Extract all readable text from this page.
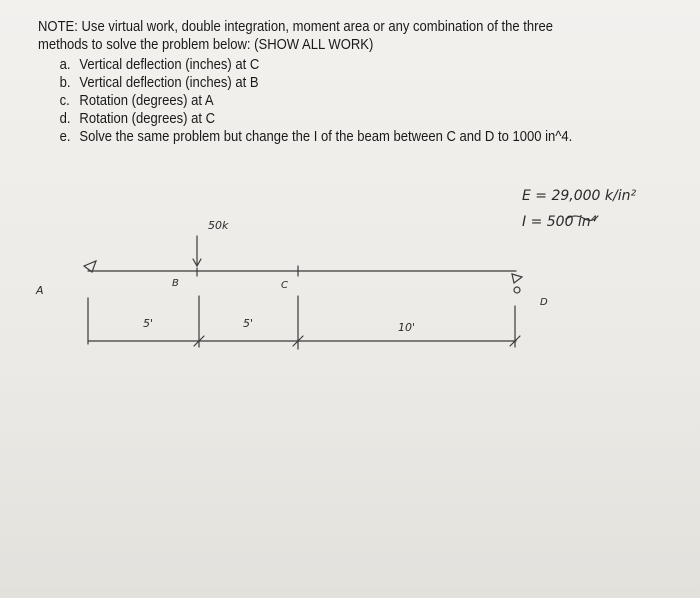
NOTE: Use virtual work, double integration, moment area or any combination of the three
methods to solve the problem below: (SHOW ALL WORK)
a. Vertical deflection (inches) at C
b. Vertical deflection (inches) at B
c. Rotation (degrees) at A
d. Rotation (degrees) at C
e. Solve the same problem but change the I of the beam between C and D to 1000 in^4.
E = 29,000 k/in²
I = 500 in⁴
50k
A
B	C
D
5'	5'	10'
